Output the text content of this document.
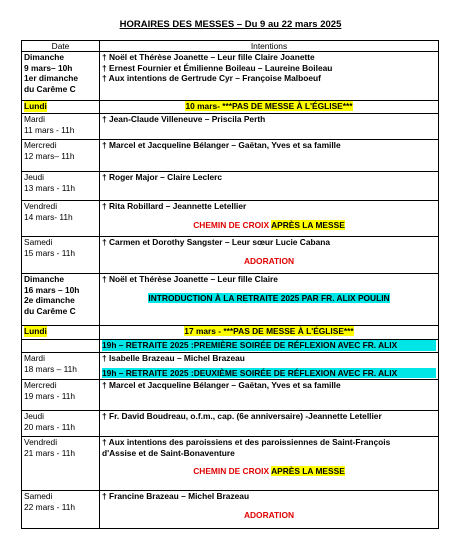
HORAIRES DES MESSES – Du 9 au 22 mars 2025
Date	Intentions

Dimanche
9 mars– 10h
1er dimanche
du Carême C	† Noël et Thérèse Joanette – Leur fille Claire Joanette
† Ernest Fournier et Émilienne Boileau – Laureine Boileau
† Aux intentions de Gertrude Cyr – Françoise Malboeuf

Lundi	10 mars- ***PAS DE MESSE À L'ÉGLISE***

Mardi
11 mars - 11h	† Jean-Claude Villeneuve – Priscila Perth

Mercredi
12 mars– 11h	† Marcel et Jacqueline Bélanger – Gaëtan, Yves et sa famille

Jeudi
13 mars - 11h	† Roger Major – Claire Leclerc

Vendredi
14 mars- 11h	† Rita Robillard – Jeannette Letellier
CHEMIN DE CROIX APRÈS LA MESSE

Samedi
15 mars - 11h	† Carmen et Dorothy Sangster – Leur sœur Lucie Cabana
ADORATION

Dimanche
16 mars – 10h
2e dimanche
du Carême C	† Noël et Thérèse Joanette – Leur fille Claire
INTRODUCTION À LA RETRAITE 2025 PAR FR. ALIX POULIN

Lundi	17 mars - ***PAS DE MESSE À L'ÉGLISE***

	19h – RETRAITE 2025 :PREMIÈRE SOIRÉE DE RÉFLEXION AVEC FR. ALIX

Mardi
18 mars – 11h	† Isabelle Brazeau – Michel Brazeau
19h – RETRAITE 2025 :DEUXIÈME SOIRÉE DE RÉFLEXION AVEC FR. ALIX

Mercredi
19 mars - 11h	† Marcel et Jacqueline Bélanger – Gaëtan, Yves et sa famille

Jeudi
20 mars - 11h	† Fr. David Boudreau, o.f.m., cap. (6e anniversaire) -Jeannette Letellier

Vendredi
21 mars - 11h	† Aux intentions des paroissiens et des paroissiennes de Saint-François
d'Assise et de Saint-Bonaventure
CHEMIN DE CROIX APRÈS LA MESSE

Samedi
22 mars - 11h	† Francine Brazeau – Michel Brazeau
ADORATION
